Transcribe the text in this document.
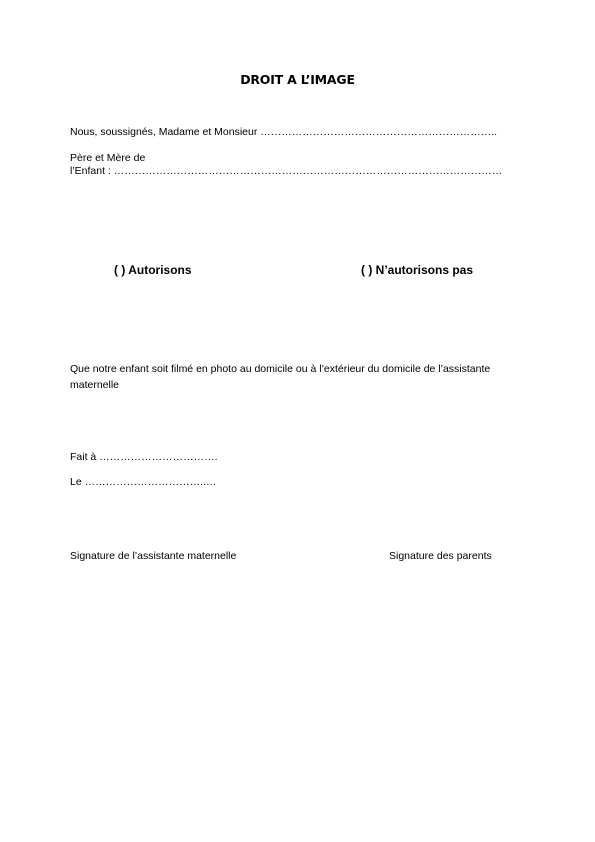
DROIT A L’IMAGE
Nous, soussignés, Madame et Monsieur …………………………………………………………..
Père et Mère de
l’Enfant : …………………………………………………………………………………………………
( ) Autorisons	( ) N’autorisons pas
Que notre enfant soit filmé en photo au domicile ou à l’extérieur du domicile de l’assistante
maternelle
Fait à …………………………….
Le ……………………………..…
Signature de l’assistante maternelle	Signature des parents
